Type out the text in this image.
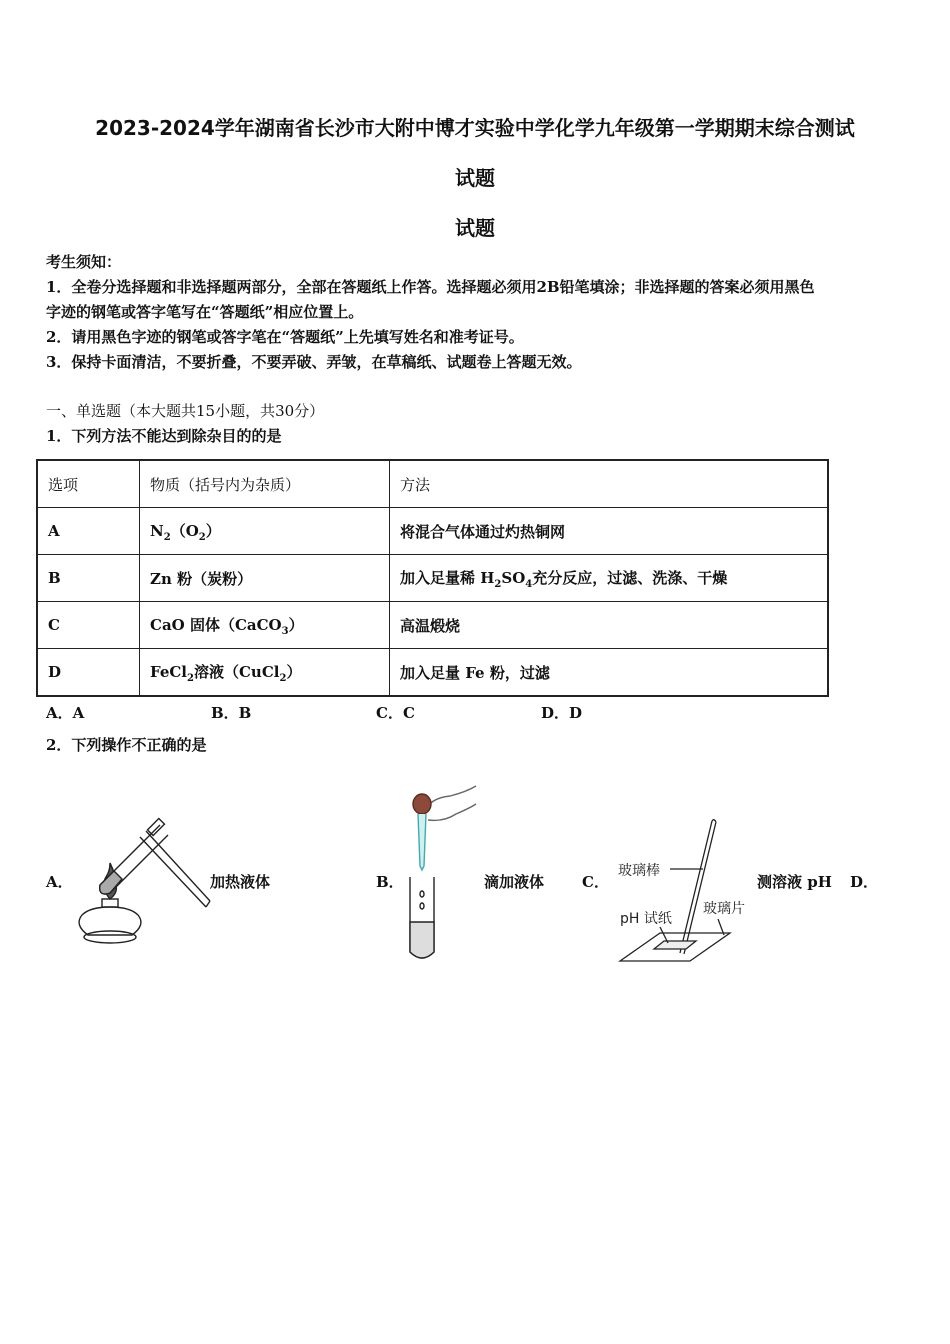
2023-2024学年湖南省长沙市大附中博才实验中学化学九年级第一学期期末综合测试
试题
试题
考生须知：
1．全卷分选择题和非选择题两部分，全部在答题纸上作答。选择题必须用2B铅笔填涂；非选择题的答案必须用黑色
字迹的钢笔或答字笔写在“答题纸”相应位置上。
2．请用黑色字迹的钢笔或答字笔在“答题纸”上先填写姓名和准考证号。
3．保持卡面清洁，不要折叠，不要弄破、弄皱，在草稿纸、试题卷上答题无效。
一、单选题（本大题共15小题，共30分）
1．下列方法不能达到除杂目的的是
选项	物质（括号内为杂质）	方法
A	$N_2(O_2)$	将混合气体通过灼热铜网
B	Zn 粉（炭粉）	加入足量稀 $H_2SO_4$充分反应，过滤、洗涤、干燥
C	CaO 固体（CaCO$_3$）	高温煅烧
D	FeCl$_2$溶液（CuCl$_2$）	加入足量 Fe 粉，过滤
A．A	B．B	C．C	D．D
2．下列操作不正确的是
A．	加热液体	B．	滴加液体	C．
玻璃棒
pH 试纸
玻璃片
测溶液 pH D．
